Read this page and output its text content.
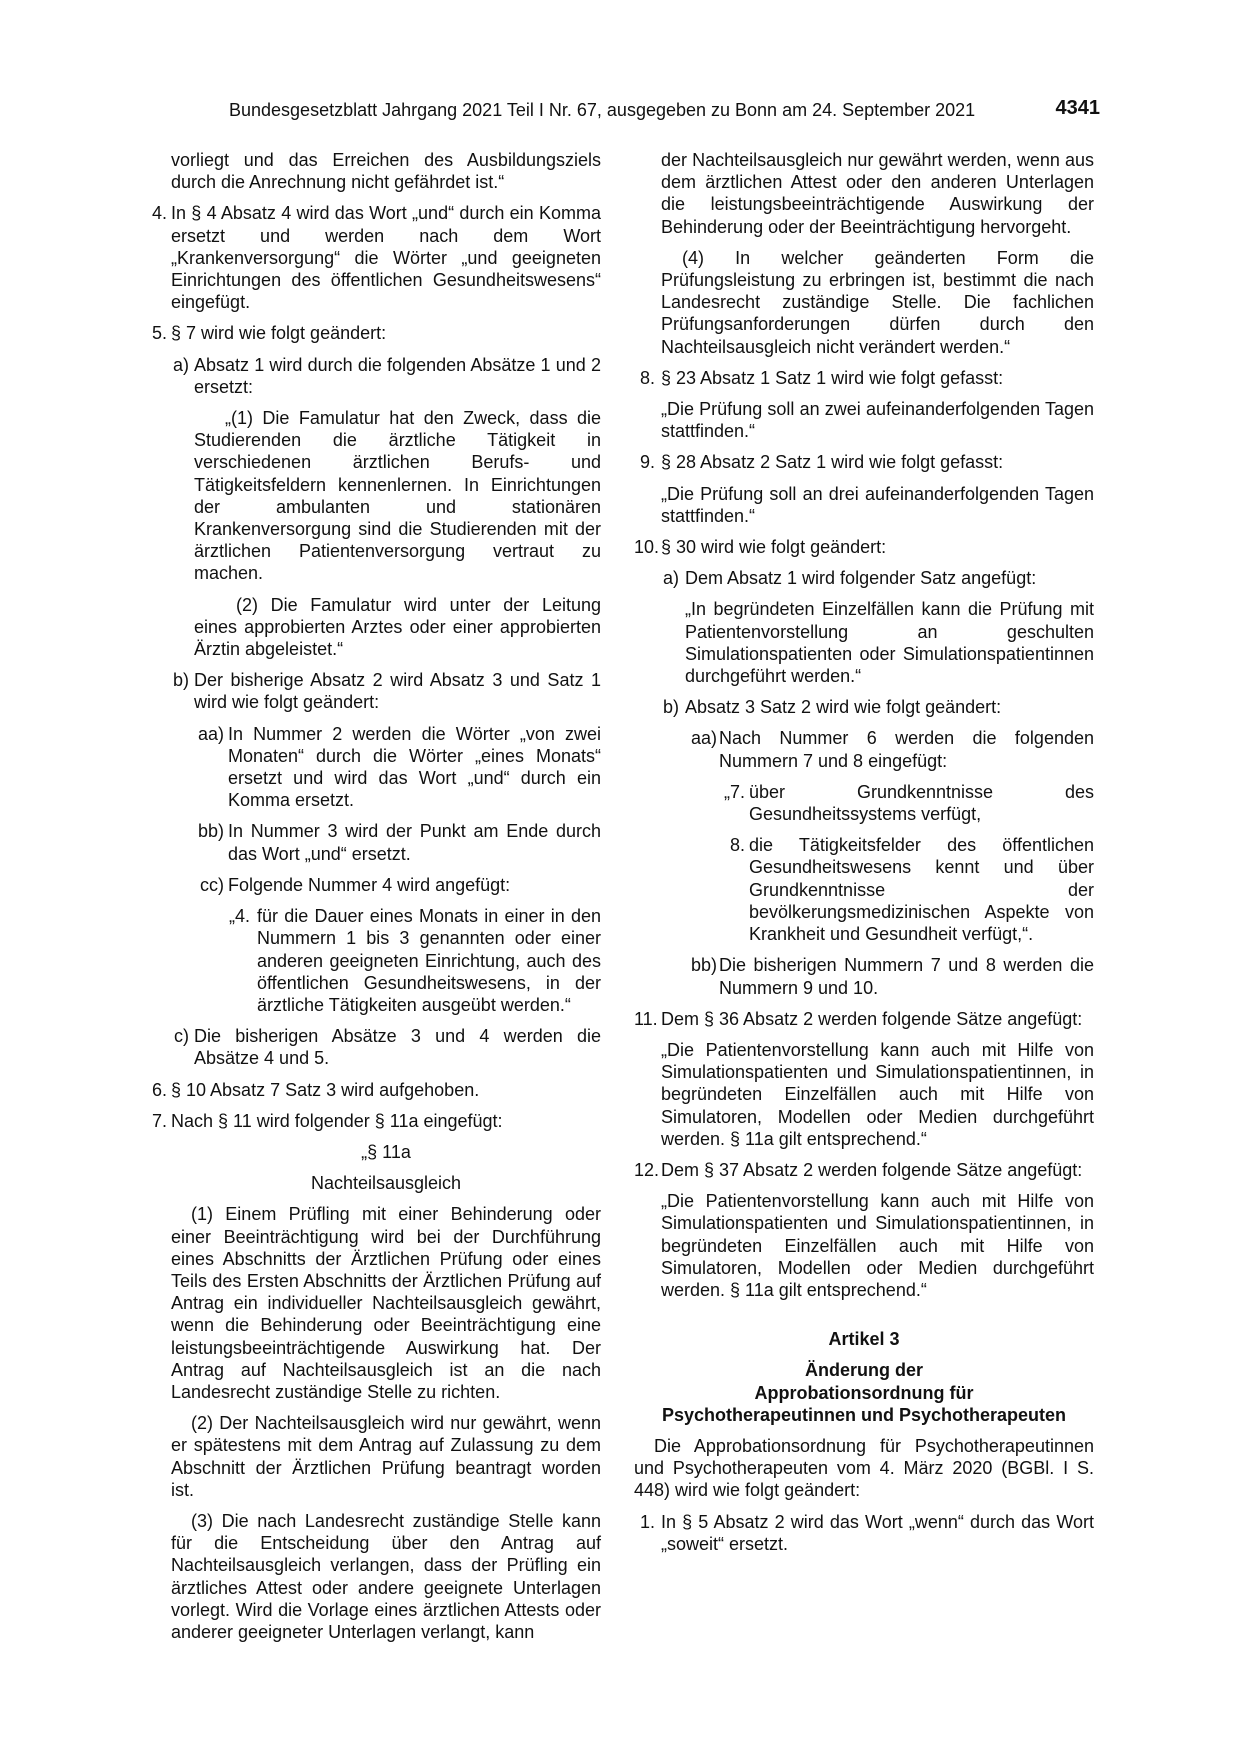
Bundesgesetzblatt Jahrgang 2021 Teil I Nr. 67, ausgegeben zu Bonn am 24. September 2021	4341

vorliegt und das Erreichen des Ausbildungsziels durch die Anrechnung nicht gefährdet ist.“

4. In § 4 Absatz 4 wird das Wort „und“ durch ein Komma ersetzt und werden nach dem Wort „Krankenversorgung“ die Wörter „und geeigneten Einrichtungen des öffentlichen Gesundheitswesens“ eingefügt.
5. § 7 wird wie folgt geändert:
a) Absatz 1 wird durch die folgenden Absätze 1 und 2 ersetzt:

„(1) Die Famulatur hat den Zweck, dass die Studierenden die ärztliche Tätigkeit in verschiedenen ärztlichen Berufs- und Tätigkeitsfeldern kennenlernen. In Einrichtungen der ambulanten und stationären Krankenversorgung sind die Studierenden mit der ärztlichen Patientenversorgung vertraut zu machen.

(2) Die Famulatur wird unter der Leitung eines approbierten Arztes oder einer approbierten Ärztin abgeleistet.“

b) Der bisherige Absatz 2 wird Absatz 3 und Satz 1 wird wie folgt geändert:
aa) In Nummer 2 werden die Wörter „von zwei Monaten“ durch die Wörter „eines Monats“ ersetzt und wird das Wort „und“ durch ein Komma ersetzt.
bb) In Nummer 3 wird der Punkt am Ende durch das Wort „und“ ersetzt.
cc) Folgende Nummer 4 wird angefügt:
„4. für die Dauer eines Monats in einer in den Nummern 1 bis 3 genannten oder einer anderen geeigneten Einrichtung, auch des öffentlichen Gesundheitswesens, in der ärztliche Tätigkeiten ausgeübt werden.“
c) Die bisherigen Absätze 3 und 4 werden die Absätze 4 und 5.
6. § 10 Absatz 7 Satz 3 wird aufgehoben.
7. Nach § 11 wird folgender § 11a eingefügt:

„§ 11a

Nachteilsausgleich

(1) Einem Prüfling mit einer Behinderung oder einer Beeinträchtigung wird bei der Durchführung eines Abschnitts der Ärztlichen Prüfung oder eines Teils des Ersten Abschnitts der Ärztlichen Prüfung auf Antrag ein individueller Nachteilsausgleich gewährt, wenn die Behinderung oder Beeinträchtigung eine leistungsbeeinträchtigende Auswirkung hat. Der Antrag auf Nachteilsausgleich ist an die nach Landesrecht zuständige Stelle zu richten.

(2) Der Nachteilsausgleich wird nur gewährt, wenn er spätestens mit dem Antrag auf Zulassung zu dem Abschnitt der Ärztlichen Prüfung beantragt worden ist.

(3) Die nach Landesrecht zuständige Stelle kann für die Entscheidung über den Antrag auf Nachteilsausgleich verlangen, dass der Prüfling ein ärztliches Attest oder andere geeignete Unterlagen vorlegt. Wird die Vorlage eines ärztlichen Attests oder anderer geeigneter Unterlagen verlangt, kann

der Nachteilsausgleich nur gewährt werden, wenn aus dem ärztlichen Attest oder den anderen Unterlagen die leistungsbeeinträchtigende Auswirkung der Behinderung oder der Beeinträchtigung hervorgeht.

(4) In welcher geänderten Form die Prüfungsleistung zu erbringen ist, bestimmt die nach Landesrecht zuständige Stelle. Die fachlichen Prüfungsanforderungen dürfen durch den Nachteilsausgleich nicht verändert werden.“

8. § 23 Absatz 1 Satz 1 wird wie folgt gefasst:

„Die Prüfung soll an zwei aufeinanderfolgenden Tagen stattfinden.“

9. § 28 Absatz 2 Satz 1 wird wie folgt gefasst:

„Die Prüfung soll an drei aufeinanderfolgenden Tagen stattfinden.“

10. § 30 wird wie folgt geändert:
a) Dem Absatz 1 wird folgender Satz angefügt:

„In begründeten Einzelfällen kann die Prüfung mit Patientenvorstellung an geschulten Simulationspatienten oder Simulationspatientinnen durchgeführt werden.“

b) Absatz 3 Satz 2 wird wie folgt geändert:
aa) Nach Nummer 6 werden die folgenden Nummern 7 und 8 eingefügt:
„7. über Grundkenntnisse des Gesundheitssystems verfügt,
8. die Tätigkeitsfelder des öffentlichen Gesundheitswesens kennt und über Grundkenntnisse der bevölkerungsmedizinischen Aspekte von Krankheit und Gesundheit verfügt,“.
bb) Die bisherigen Nummern 7 und 8 werden die Nummern 9 und 10.
11. Dem § 36 Absatz 2 werden folgende Sätze angefügt:

„Die Patientenvorstellung kann auch mit Hilfe von Simulationspatienten und Simulationspatientinnen, in begründeten Einzelfällen auch mit Hilfe von Simulatoren, Modellen oder Medien durchgeführt werden. § 11a gilt entsprechend.“

12. Dem § 37 Absatz 2 werden folgende Sätze angefügt:

„Die Patientenvorstellung kann auch mit Hilfe von Simulationspatienten und Simulationspatientinnen, in begründeten Einzelfällen auch mit Hilfe von Simulatoren, Modellen oder Medien durchgeführt werden. § 11a gilt entsprechend.“

Artikel 3

Änderung der

Approbationsordnung für

Psychotherapeutinnen und Psychotherapeuten

Die Approbationsordnung für Psychotherapeutinnen und Psychotherapeuten vom 4. März 2020 (BGBl. I S. 448) wird wie folgt geändert:

1. In § 5 Absatz 2 wird das Wort „wenn“ durch das Wort „soweit“ ersetzt.
